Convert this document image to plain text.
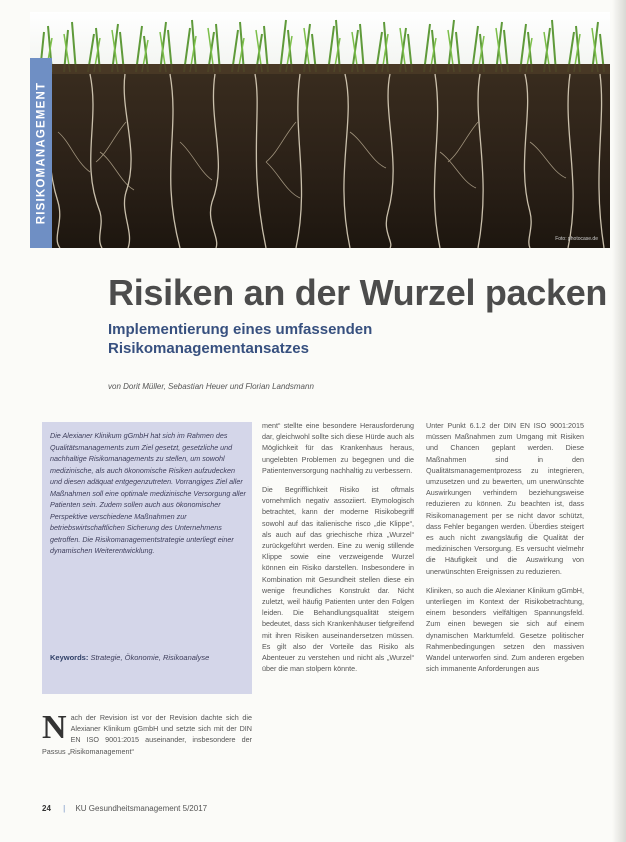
RISIKOMANAGEMENT
Foto: photocase.de
Risiken an der Wurzel packen
Implementierung eines umfassenden Risikomanagementansatzes
von Dorit Müller, Sebastian Heuer und Florian Landsmann

Die Alexianer Klinikum gGmbH hat sich im Rahmen des Qualitätsmanagements zum Ziel gesetzt, gesetzliche und nachhaltige Risikomanagements zu stellen, um sowohl medizinische, als auch ökonomische Risiken aufzudecken und diesen adäquat entgegenzutreten. Vorrangiges Ziel aller Maßnahmen soll eine optimale medizinische Versorgung aller Patienten sein. Zudem sollen auch aus ökonomischer Perspektive verschiedene Maßnahmen zur betriebswirtschaftlichen Sicherung des Unternehmens getroffen. Die Risikomanagementstrategie unterliegt einer dynamischen Weiterentwicklung.

Keywords: Strategie, Ökonomie, Risikoanalyse

N ach der Revision ist vor der Revision dachte sich die Alexianer Klinikum gGmbH und setzte sich mit der DIN EN ISO 9001:2015 auseinander, insbesondere der Passus „Risikomanagement“

ment“ stellte eine besondere Herausforderung dar, gleichwohl sollte sich diese Hürde auch als Möglichkeit für das Krankenhaus heraus, ungelebten Problemen zu begegnen und die Patientenversorgung nachhaltig zu verbessern.

Die Begrifflichkeit Risiko ist oftmals vornehmlich negativ assoziiert. Etymologisch betrachtet, kann der moderne Risikobegriff sowohl auf das italienische risco „die Klippe“, als auch auf das griechische rhiza „Wurzel“ zurückgeführt werden. Eine zu wenig stillende Klippe sowie eine verzweigende Wurzel können ein Risiko darstellen. Insbesondere in Kombination mit Gesundheit stellen diese ein wenige freundliches Konstrukt dar. Nicht zuletzt, weil häufig Patienten unter den Folgen leiden. Die Behandlungsqualität steigern bedeutet, dass sich Krankenhäuser tiefgreifend mit ihren Risiken auseinandersetzen müssen. Es gilt also der Vorteile das Risiko als Abenteuer zu verstehen und nicht als „Wurzel“ über die man stolpern könnte.

Unter Punkt 6.1.2 der DIN EN ISO 9001:2015 müssen Maßnahmen zum Umgang mit Risiken und Chancen geplant werden. Diese Maßnahmen sind in den Qualitätsmanagementprozess zu integrieren, umzusetzen und zu bewerten, um unerwünschte Auswirkungen verhindern beziehungsweise reduzieren zu können. Zu beachten ist, dass Risikomanagement per se nicht davor schützt, dass Fehler begangen werden. Überdies steigert es auch nicht zwangsläufig die Qualität der medizinischen Versorgung. Es versucht vielmehr die Häufigkeit und die Auswirkung von unerwünschten Ereignissen zu reduzieren.

Kliniken, so auch die Alexianer Klinikum gGmbH, unterliegen im Kontext der Risikobetrachtung, einem besonders vielfältigen Spannungsfeld. Zum einen bewegen sie sich auf einem dynamischen Marktumfeld. Gesetze politischer Rahmenbedingungen setzen den massiven Wandel unterworfen sind. Zum anderen ergeben sich immanente Anforderungen aus

24 | KU Gesundheitsmanagement 5/2017
